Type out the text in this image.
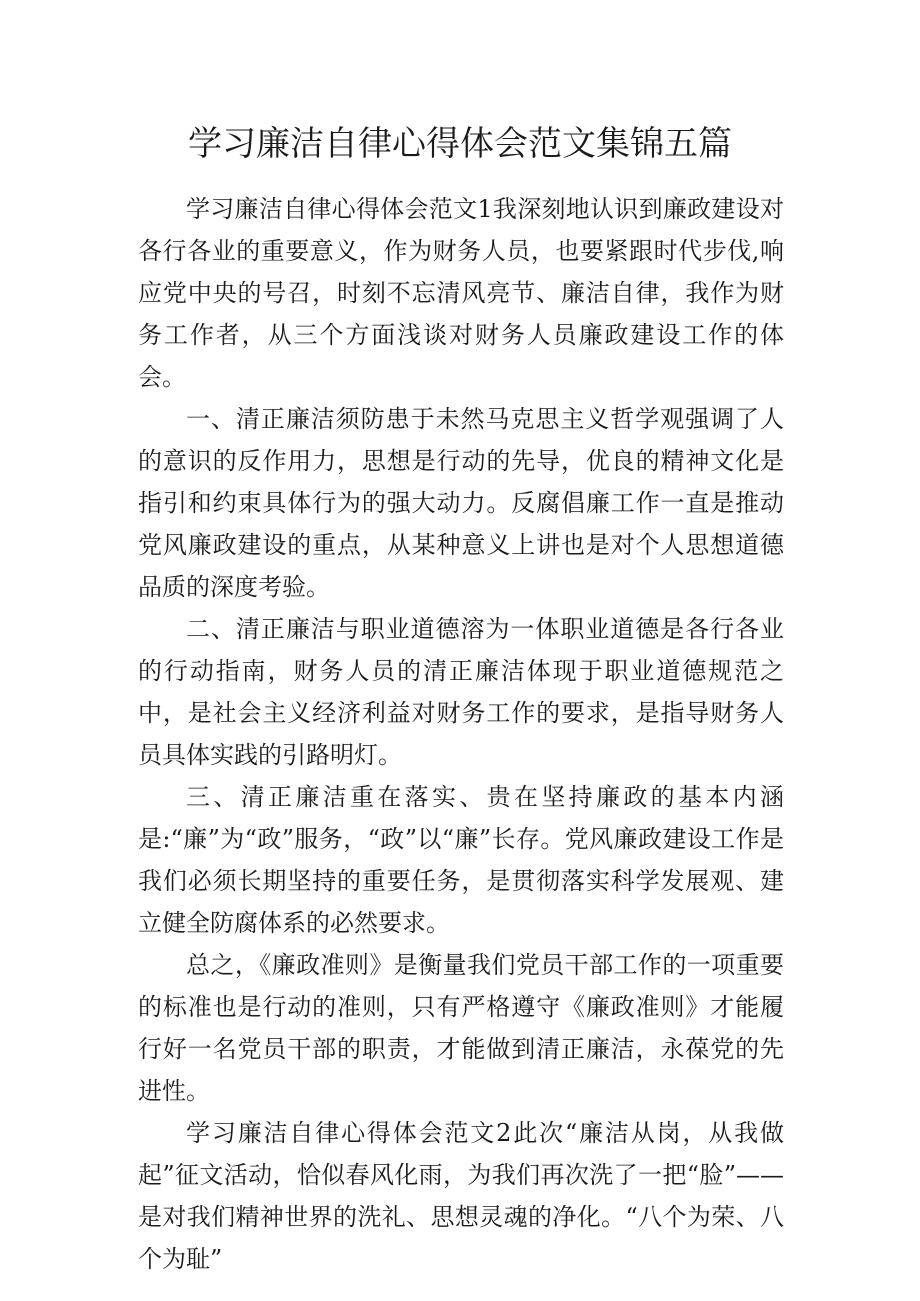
学习廉洁自律心得体会范文集锦五篇

学习廉洁自律心得体会范文1我深刻地认识到廉政建设对各行各业的重要意义，作为财务人员，也要紧跟时代步伐,响应党中央的号召，时刻不忘清风亮节、廉洁自律，我作为财务工作者，从三个方面浅谈对财务人员廉政建设工作的体会。

一、清正廉洁须防患于未然马克思主义哲学观强调了人的意识的反作用力，思想是行动的先导，优良的精神文化是指引和约束具体行为的强大动力。反腐倡廉工作一直是推动党风廉政建设的重点，从某种意义上讲也是对个人思想道德品质的深度考验。

二、清正廉洁与职业道德溶为一体职业道德是各行各业的行动指南，财务人员的清正廉洁体现于职业道德规范之中，是社会主义经济利益对财务工作的要求，是指导财务人员具体实践的引路明灯。

三、清正廉洁重在落实、贵在坚持廉政的基本内涵是:“廉”为“政”服务，“政”以“廉”长存。党风廉政建设工作是我们必须长期坚持的重要任务，是贯彻落实科学发展观、建立健全防腐体系的必然要求。

总之，《廉政准则》是衡量我们党员干部工作的一项重要的标准也是行动的准则，只有严格遵守《廉政准则》才能履行好一名党员干部的职责，才能做到清正廉洁，永葆党的先进性。

学习廉洁自律心得体会范文2此次“廉洁从岗，从我做起”征文活动，恰似春风化雨，为我们再次洗了一把“脸”——是对我们精神世界的洗礼、思想灵魂的净化。“八个为荣、八个为耻”
